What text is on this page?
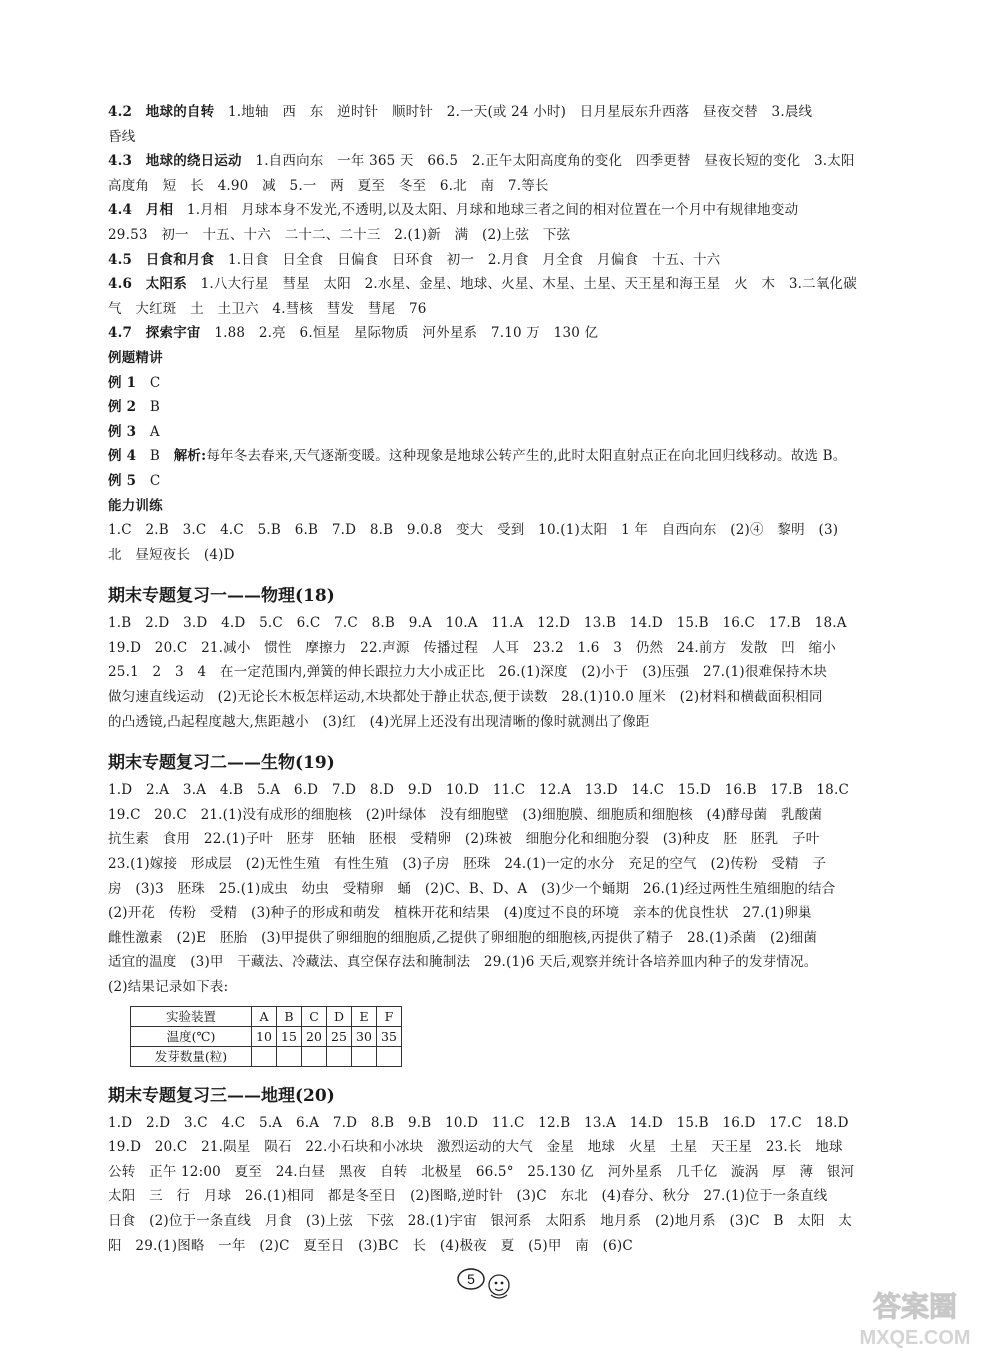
4.2　 地球的自转　 1.地轴　西　东　逆时针　顺时针　2.一天(或 24 小时)　日月星辰东升西落　昼夜交替　3.晨线
昏线
4.3　 地球的绕日运动　 1.自西向东　一年 365 天　66.5　2.正午太阳高度角的变化　四季更替　昼夜长短的变化　3.太阳
高度角　短　长　4.90　减　5.一　两　夏至　冬至　6.北　南　7.等长
4.4　 月相　 1.月相　月球本身不发光,不透明,以及太阳、月球和地球三者之间的相对位置在一个月中有规律地变动
29.53　初一　十五、十六　二十二、二十三　2.(1)新　满　(2)上弦　下弦
4.5　 日食和月食　 1.日食　日全食　日偏食　日环食　初一　2.月食　月全食　月偏食　十五、十六
4.6　 太阳系　 1.八大行星　彗星　太阳　2.水星、金星、地球、火星、木星、土星、天王星和海王星　火　木　3.二氧化碳
气　大红斑　土　土卫六　4.彗核　彗发　彗尾　76
4.7　 探索宇宙　 1.88　2.亮　6.恒星　星际物质　河外星系　7.10 万　130 亿
例题精讲
例 1　 C
例 2　 B
例 3　 A
例 4　 B　 解析:每年冬去春来,天气逐渐变暖。这种现象是地球公转产生的,此时太阳直射点正在向北回归线移动。故选 B。
例 5　 C
能力训练
1.C　2.B　3.C　4.C　5.B　6.B　7.D　8.B　9.0.8　变大　受到　10.(1)太阳　1 年　自西向东　(2)④　黎明　(3)
北　昼短夜长　(4)D
期末专题复习一——物理(18)
1.B　2.D　3.D　4.D　5.C　6.C　7.C　8.B　9.A　10.A　11.A　12.D　13.B　14.D　15.B　16.C　17.B　18.A
19.D　20.C　21.减小　惯性　摩擦力　22.声源　传播过程　人耳　23.2　1.6　3　仍然　24.前方　发散　凹　缩小
25.1　2　3　4　在一定范围内,弹簧的伸长跟拉力大小成正比　26.(1)深度　(2)小于　(3)压强　27.(1)很难保持木块
做匀速直线运动　(2)无论长木板怎样运动,木块都处于静止状态,便于读数　28.(1)10.0 厘米　(2)材料和横截面积相同
的凸透镜,凸起程度越大,焦距越小　(3)红　(4)光屏上还没有出现清晰的像时就测出了像距
期末专题复习二——生物(19)
1.D　2.A　3.A　4.B　5.A　6.D　7.D　8.D　9.D　10.D　11.C　12.A　13.D　14.C　15.D　16.B　17.B　18.C
19.C　20.C　21.(1)没有成形的细胞核　(2)叶绿体　没有细胞壁　(3)细胞膜、细胞质和细胞核　(4)酵母菌　乳酸菌
抗生素　食用　22.(1)子叶　胚芽　胚轴　胚根　受精卵　(2)珠被　细胞分化和细胞分裂　(3)种皮　胚　胚乳　子叶
23.(1)嫁接　形成层　(2)无性生殖　有性生殖　(3)子房　胚珠　24.(1)一定的水分　充足的空气　(2)传粉　受精　子
房　(3)3　胚珠　25.(1)成虫　幼虫　受精卵　蛹　(2)C、B、D、A　(3)少一个蛹期　26.(1)经过两性生殖细胞的结合
(2)开花　传粉　受精　(3)种子的形成和萌发　植株开花和结果　(4)度过不良的环境　亲本的优良性状　27.(1)卵巢
雌性激素　(2)E　胚胎　(3)甲提供了卵细胞的细胞质,乙提供了卵细胞的细胞核,丙提供了精子　28.(1)杀菌　(2)细菌
适宜的温度　(3)甲　干藏法、冷藏法、真空保存法和腌制法　29.(1)6 天后,观察并统计各培养皿内种子的发芽情况。
(2)结果记录如下表:
实验装置	A	B	C	D	E	F
温度(℃)	10	15	20	25	30	35
发芽数量(粒)						
期末专题复习三——地理(20)
1.D　2.D　3.C　4.C　5.A　6.A　7.D　8.B　9.B　10.D　11.C　12.B　13.A　14.D　15.B　16.D　17.C　18.D
19.D　20.C　21.陨星　陨石　22.小石块和小冰块　激烈运动的大气　金星　地球　火星　土星　天王星　23.长　地球
公转　正午 12:00　夏至　24.白昼　黑夜　自转　北极星　66.5°　25.130 亿　河外星系　几千亿　漩涡　厚　薄　银河
太阳　三　行　月球　26.(1)相同　都是冬至日　(2)图略,逆时针　(3)C　东北　(4)春分、秋分　27.(1)位于一条直线
日食　(2)位于一条直线　月食　(3)上弦　下弦　28.(1)宇宙　银河系　太阳系　地月系　(2)地月系　(3)C　B　太阳　太
阳　29.(1)图略　一年　(2)C　夏至日　(3)BC　长　(4)极夜　夏　(5)甲　南　(6)C
5
答案圈
MXQE.COM
